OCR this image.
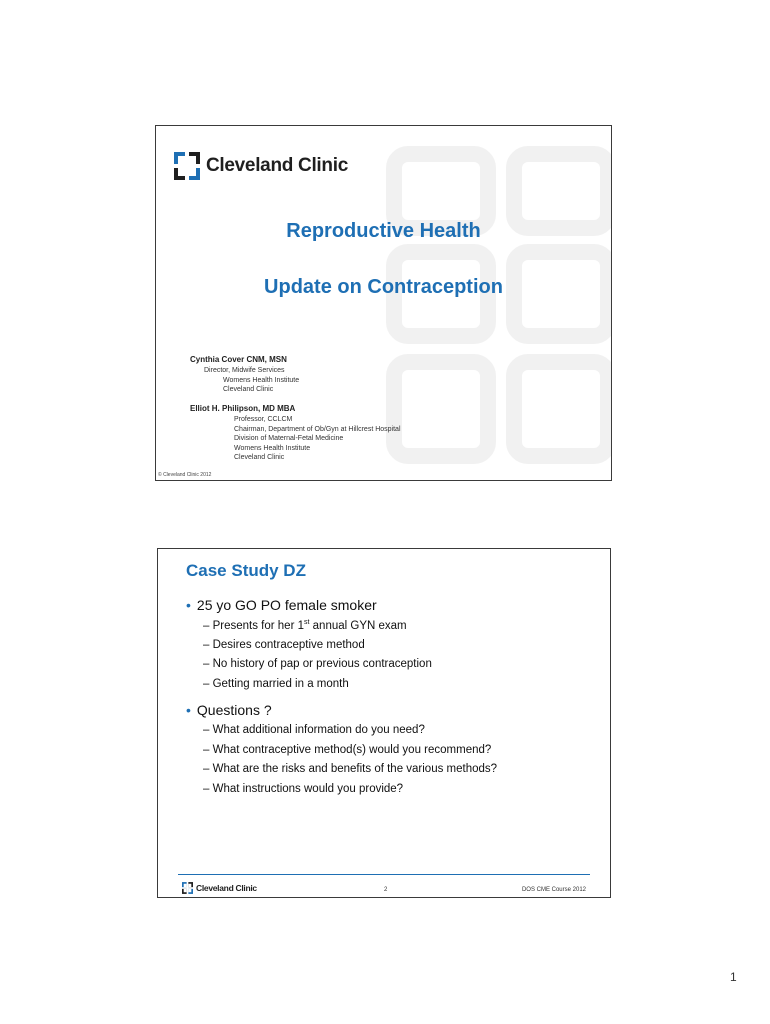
Cleveland Clinic
Reproductive Health
Update on Contraception
Cynthia Cover CNM, MSN
Director, Midwife Services
Womens Health Institute
Cleveland Clinic
Elliot H. Philipson, MD MBA
Professor, CCLCM
Chairman, Department of Ob/Gyn at Hillcrest Hospital
Division of Maternal-Fetal Medicine
Womens Health Institute
Cleveland Clinic
© Cleveland Clinic 2012
Case Study DZ
• 25 yo GO PO female smoker
– Presents for her 1st annual GYN exam
– Desires contraceptive method
– No history of pap or previous contraception
– Getting married in a month
• Questions ?
– What additional information do you need?
– What contraceptive method(s) would you recommend?
– What are the risks and benefits of the various methods?
– What instructions would you provide?
Cleveland Clinic	2	DOS CME Course 2012
1
